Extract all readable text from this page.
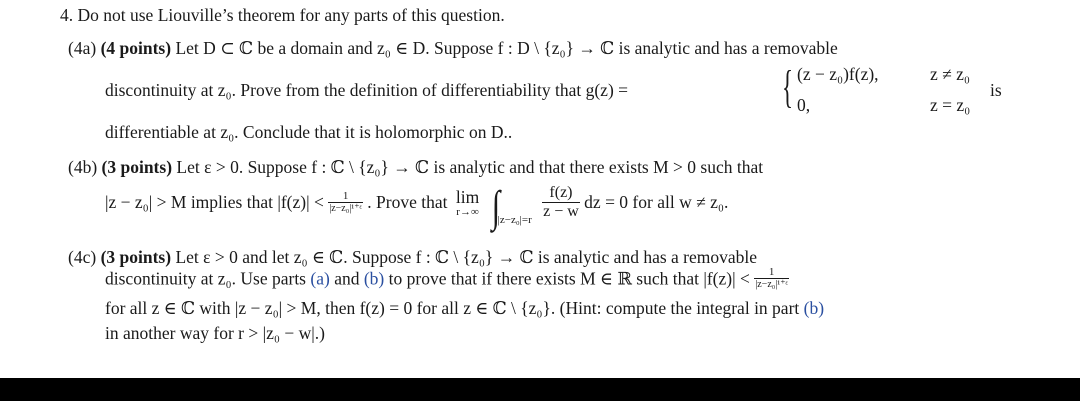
4. Do not use Liouville’s theorem for any parts of this question.
(4a) (4 points) Let D ⊂ ℂ be a domain and z₀ ∈ D. Suppose f : D \ {z₀} → ℂ is analytic and has a removable
discontinuity at z₀. Prove from the definition of differentiability that g(z) =	{ (z − z₀)f(z),	z ≠ z₀
0,	z = z₀
is
differentiable at z₀. Conclude that it is holomorphic on D..
(4b) (3 points) Let ε > 0. Suppose f : ℂ \ {z₀} → ℂ is analytic and that there exists M > 0 such that
|z − z₀| > M implies that $|f(z)| < \frac{1}{\text{|z−z₀|¹⁺ᵋ}}$ . Prove that lim
r→∞ $\int_{|z-z_0|=r} \frac{f(z)}{z - w}$ dz = 0 for all w ≠ z₀.
(4c) (3 points) Let ε > 0 and let z₀ ∈ ℂ. Suppose f : ℂ \ {z₀} → ℂ is analytic and has a removable
discontinuity at z₀. Use parts (a) and (b) to prove that if there exists M ∈ ℝ such that $|f(z)| < \frac{1}{\text{|z−z₀|¹⁺ᵋ}}$
for all z ∈ ℂ with |z − z₀| > M, then f(z) = 0 for all z ∈ ℂ \ {z₀}. (Hint: compute the integral in part (b)
in another way for r > |z₀ − w|.)
